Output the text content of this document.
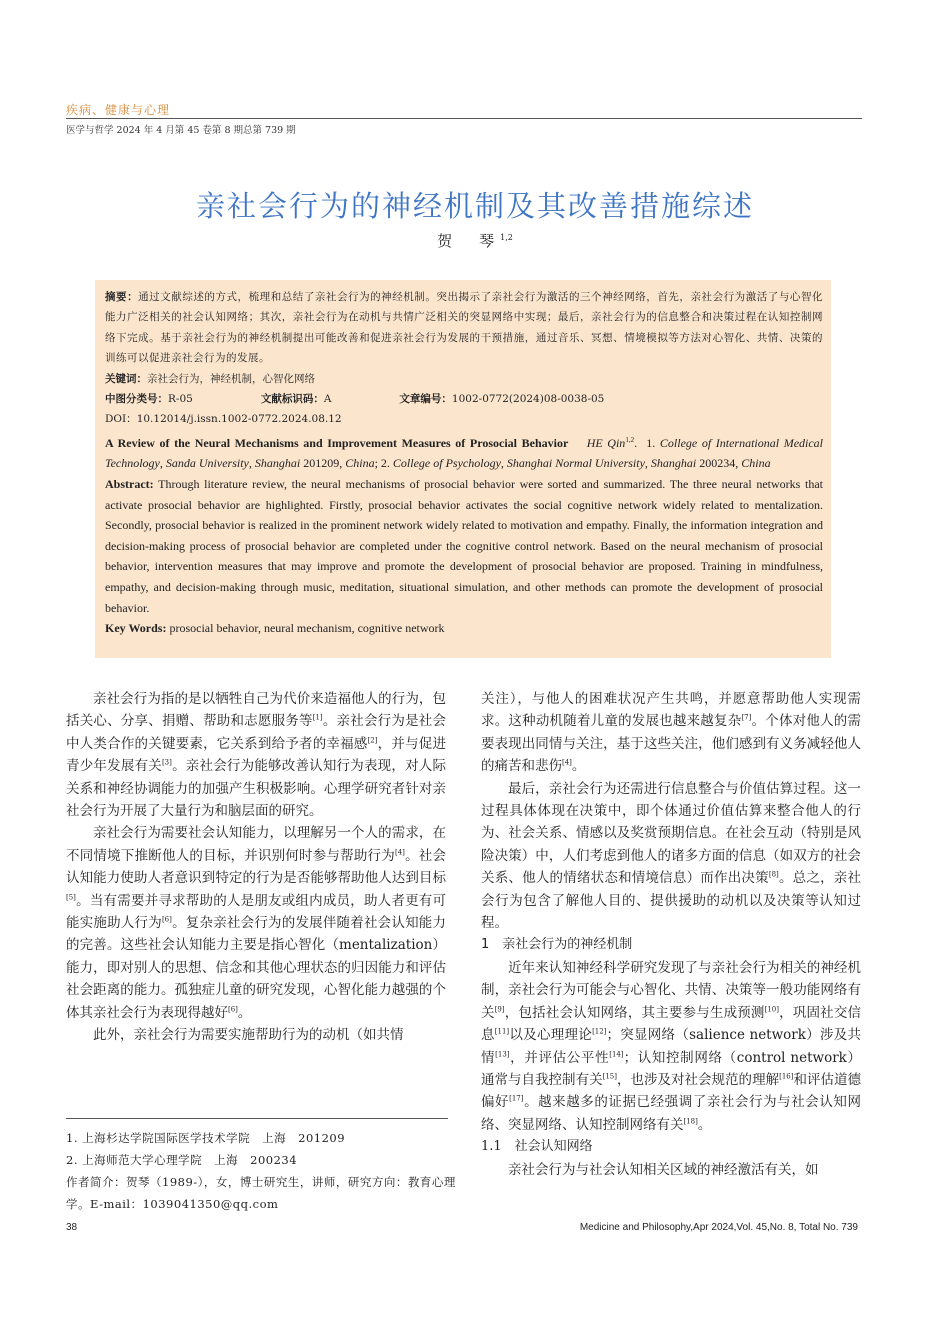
疾病、健康与心理
医学与哲学 2024 年 4 月第 45 卷第 8 期总第 739 期
亲社会行为的神经机制及其改善措施综述
贺　琴$^{1,2}$

摘要：通过文献综述的方式，梳理和总结了亲社会行为的神经机制。突出揭示了亲社会行为激活的三个神经网络，首先，亲社会行为激活了与心智化能力广泛相关的社会认知网络；其次，亲社会行为在动机与共情广泛相关的突显网络中实现；最后，亲社会行为的信息整合和决策过程在认知控制网络下完成。基于亲社会行为的神经机制提出可能改善和促进亲社会行为发展的干预措施，通过音乐、冥想、情境模拟等方法对心智化、共情、决策的训练可以促进亲社会行为的发展。

关键词：亲社会行为，神经机制，心智化网络

中图分类号：R-05	文献标识码：A	文章编号：1002-0772(2024)08-0038-05

DOI：10.12014/j.issn.1002-0772.2024.08.12

A Review of the Neural Mechanisms and Improvement Measures of Prosocial Behavior HE Qin$^{1,2}$.  1. College of International Medical Technology, Sanda University, Shanghai 201209, China; 2. College of Psychology, Shanghai Normal University, Shanghai 200234, China

Abstract: Through literature review, the neural mechanisms of prosocial behavior were sorted and summarized. The three neural networks that activate prosocial behavior are highlighted. Firstly, prosocial behavior activates the social cognitive network widely related to mentalization. Secondly, prosocial behavior is realized in the prominent network widely related to motivation and empathy. Finally, the information integration and decision-making process of prosocial behavior are completed under the cognitive control network. Based on the neural mechanism of prosocial behavior, intervention measures that may improve and promote the development of prosocial behavior are proposed. Training in mindfulness, empathy, and decision-making through music, meditation, situational simulation, and other methods can promote the development of prosocial behavior.

Key Words: prosocial behavior, neural mechanism, cognitive network

亲社会行为指的是以牺牲自己为代价来造福他人的行为，包括关心、分享、捐赠、帮助和志愿服务等[1]。亲社会行为是社会中人类合作的关键要素，它关系到给予者的幸福感[2]，并与促进青少年发展有关[3]。亲社会行为能够改善认知行为表现，对人际关系和神经协调能力的加强产生积极影响。心理学研究者针对亲社会行为开展了大量行为和脑层面的研究。

亲社会行为需要社会认知能力，以理解另一个人的需求，在不同情境下推断他人的目标，并识别何时参与帮助行为[4]。社会认知能力使助人者意识到特定的行为是否能够帮助他人达到目标[5]。当有需要并寻求帮助的人是朋友或组内成员，助人者更有可能实施助人行为[6]。复杂亲社会行为的发展伴随着社会认知能力的完善。这些社会认知能力主要是指心智化（mentalization）能力，即对别人的思想、信念和其他心理状态的归因能力和评估社会距离的能力。孤独症儿童的研究发现，心智化能力越强的个体其亲社会行为表现得越好[6]。

此外，亲社会行为需要实施帮助行为的动机（如共情

关注），与他人的困难状况产生共鸣，并愿意帮助他人实现需求。这种动机随着儿童的发展也越来越复杂[7]。个体对他人的需要表现出同情与关注，基于这些关注，他们感到有义务减轻他人的痛苦和悲伤[4]。

最后，亲社会行为还需进行信息整合与价值估算过程。这一过程具体体现在决策中，即个体通过价值估算来整合他人的行为、社会关系、情感以及奖赏预期信息。在社会互动（特别是风险决策）中，人们考虑到他人的诸多方面的信息（如双方的社会关系、他人的情绪状态和情境信息）而作出决策[8]。总之，亲社会行为包含了解他人目的、提供援助的动机以及决策等认知过程。

1　亲社会行为的神经机制

近年来认知神经科学研究发现了与亲社会行为相关的神经机制，亲社会行为可能会与心智化、共情、决策等一般功能网络有关[9]，包括社会认知网络，其主要参与生成预测[10]，巩固社交信息[11]以及心理理论[12]；突显网络（salience network）涉及共情[13]，并评估公平性[14]；认知控制网络（control network）通常与自我控制有关[15]，也涉及对社会规范的理解[16]和评估道德偏好[17]。越来越多的证据已经强调了亲社会行为与社会认知网络、突显网络、认知控制网络有关[18]。

1.1　社会认知网络

亲社会行为与社会认知相关区域的神经激活有关，如

1. 上海杉达学院国际医学技术学院　上海　201209

2. 上海师范大学心理学院　上海　200234

作者简介：贺琴（1989-），女，博士研究生，讲师，研究方向：教育心理学。E-mail：1039041350@qq.com

38	Medicine and Philosophy,Apr 2024,Vol. 45,No. 8, Total No. 739
